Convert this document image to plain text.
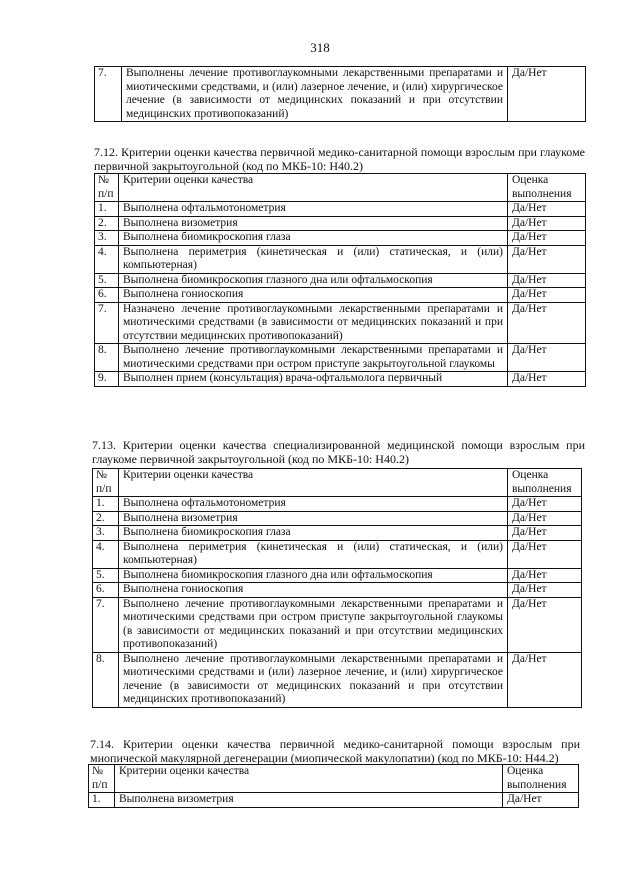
318
7.	Выполнены лечение противоглаукомными лекарственными препаратами и миотическими средствами, и (или) лазерное лечение, и (или) хирургическое лечение (в зависимости от медицинских показаний и при отсутствии медицинских противопоказаний)	Да/Нет
7.12. Критерии оценки качества первичной медико-санитарной помощи взрослым при глаукоме первичной закрытоугольной (код по МКБ-10: H40.2)
№ п/п	Критерии оценки качества	Оценка выполнения
1.	Выполнена офтальмотонометрия	Да/Нет
2.	Выполнена визометрия	Да/Нет
3.	Выполнена биомикроскопия глаза	Да/Нет
4.	Выполнена периметрия (кинетическая и (или) статическая, и (или) компьютерная)	Да/Нет
5.	Выполнена биомикроскопия глазного дна или офтальмоскопия	Да/Нет
6.	Выполнена гониоскопия	Да/Нет
7.	Назначено лечение противоглаукомными лекарственными препаратами и миотическими средствами (в зависимости от медицинских показаний и при отсутствии медицинских противопоказаний)	Да/Нет
8.	Выполнено лечение противоглаукомными лекарственными препаратами и миотическими средствами при остром приступе закрытоугольной глаукомы	Да/Нет
9.	Выполнен прием (консультация) врача-офтальмолога первичный	Да/Нет
7.13. Критерии оценки качества специализированной медицинской помощи взрослым при глаукоме первичной закрытоугольной (код по МКБ-10: H40.2)
№ п/п	Критерии оценки качества	Оценка выполнения
1.	Выполнена офтальмотонометрия	Да/Нет
2.	Выполнена визометрия	Да/Нет
3.	Выполнена биомикроскопия глаза	Да/Нет
4.	Выполнена периметрия (кинетическая и (или) статическая, и (или) компьютерная)	Да/Нет
5.	Выполнена биомикроскопия глазного дна или офтальмоскопия	Да/Нет
6.	Выполнена гониоскопия	Да/Нет
7.	Выполнено лечение противоглаукомными лекарственными препаратами и миотическими средствами при остром приступе закрытоугольной глаукомы (в зависимости от медицинских показаний и при отсутствии медицинских противопоказаний)	Да/Нет
8.	Выполнено лечение противоглаукомными лекарственными препаратами и миотическими средствами и (или) лазерное лечение, и (или) хирургическое лечение (в зависимости от медицинских показаний и при отсутствии медицинских противопоказаний)	Да/Нет
7.14. Критерии оценки качества первичной медико-санитарной помощи взрослым при миопической макулярной дегенерации (миопической макулопатии) (код по МКБ-10: H44.2)
№ п/п	Критерии оценки качества	Оценка выполнения
1.	Выполнена визометрия	Да/Нет
